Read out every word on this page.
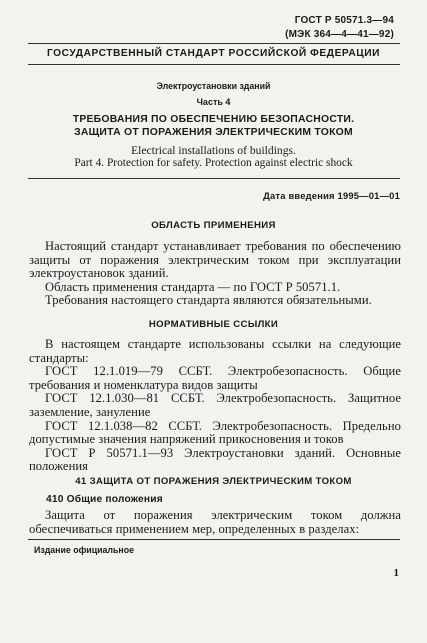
ГОСТ Р 50571.3—94
(МЭК 364—4—41—92)
ГОСУДАРСТВЕННЫЙ СТАНДАРТ РОССИЙСКОЙ ФЕДЕРАЦИИ
Электроустановки зданий
Часть 4
ТРЕБОВАНИЯ ПО ОБЕСПЕЧЕНИЮ БЕЗОПАСНОСТИ.
ЗАЩИТА ОТ ПОРАЖЕНИЯ ЭЛЕКТРИЧЕСКИМ ТОКОМ
Electrical installations of buildings.
Part 4. Protection for safety. Protection against electric shock
Дата введения 1995—01—01
ОБЛАСТЬ ПРИМЕНЕНИЯ

Настоящий стандарт устанавливает требования по обеспечению защиты от поражения электрическим током при эксплуатации электроустановок зданий.

Область применения стандарта — по ГОСТ Р 50571.1.

Требования настоящего стандарта являются обязательными.

НОРМАТИВНЫЕ ССЫЛКИ

В настоящем стандарте использованы ссылки на следующие стандарты:

ГОСТ 12.1.019—79 ССБТ. Электробезопасность. Общие требования и номенклатура видов защиты

ГОСТ 12.1.030—81 ССБТ. Электробезопасность. Защитное заземление, зануление

ГОСТ 12.1.038—82 ССБТ. Электробезопасность. Предельно допустимые значения напряжений прикосновения и токов

ГОСТ Р 50571.1—93 Электроустановки зданий. Основные положения

41 ЗАЩИТА ОТ ПОРАЖЕНИЯ ЭЛЕКТРИЧЕСКИМ ТОКОМ
410 Общие положения

Защита от поражения электрическим током должна обеспечиваться применением мер, определенных в разделах:

Издание официальное
1
